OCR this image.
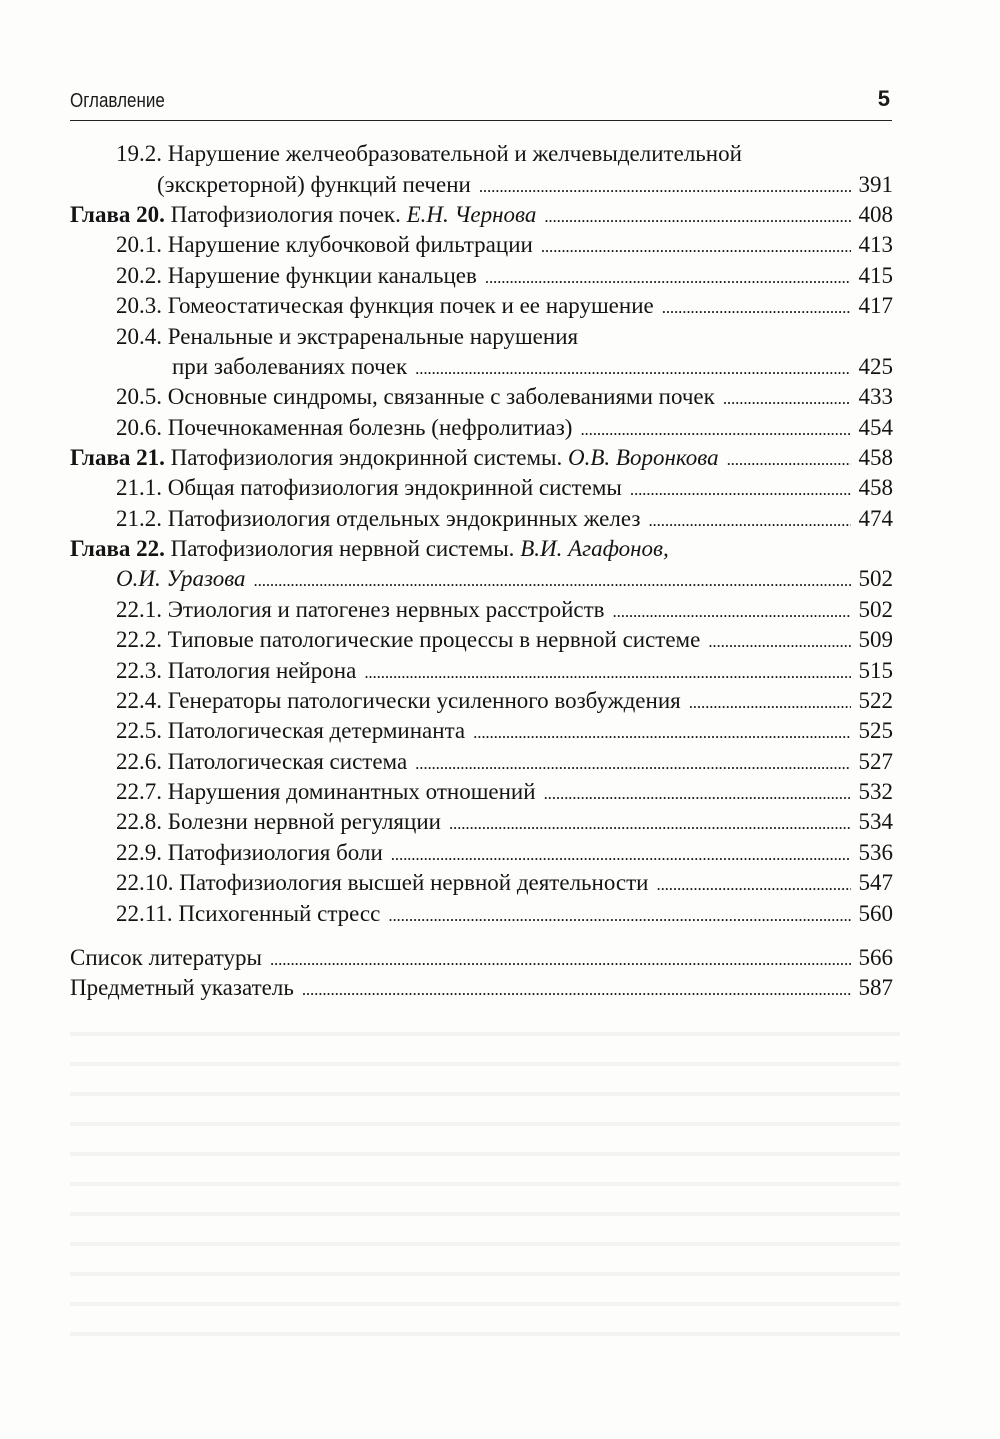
Оглавление	5
19.2. Нарушение желчеобразовательной и желчевыделительной
(экскреторной) функций печени . . .	391
Глава 20. Патофизиология почек. Е.Н. Чернова . . .	408
20.1. Нарушение клубочковой фильтрации . . .	413
20.2. Нарушение функции канальцев . . .	415
20.3. Гомеостатическая функция почек и ее нарушение . . .	417
20.4. Ренальные и экстраренальные нарушения
при заболеваниях почек . . .	425
20.5. Основные синдромы, связанные с заболеваниями почек . . .	433
20.6. Почечнокаменная болезнь (нефролитиаз) . . .	454
Глава 21. Патофизиология эндокринной системы. О.В. Воронкова . . .	458
21.1. Общая патофизиология эндокринной системы . . .	458
21.2. Патофизиология отдельных эндокринных желез . . .	474
Глава 22. Патофизиология нервной системы. В.И. Агафонов,
О.И. Уразова . . .	502
22.1. Этиология и патогенез нервных расстройств . . .	502
22.2. Типовые патологические процессы в нервной системе . . .	509
22.3. Патология нейрона . . .	515
22.4. Генераторы патологически усиленного возбуждения . . .	522
22.5. Патологическая детерминанта . . .	525
22.6. Патологическая система . . .	527
22.7. Нарушения доминантных отношений . . .	532
22.8. Болезни нервной регуляции . . .	534
22.9. Патофизиология боли . . .	536
22.10. Патофизиология высшей нервной деятельности . . .	547
22.11. Психогенный стресс . . .	560
Список литературы . . .	566
Предметный указатель . . .	587
